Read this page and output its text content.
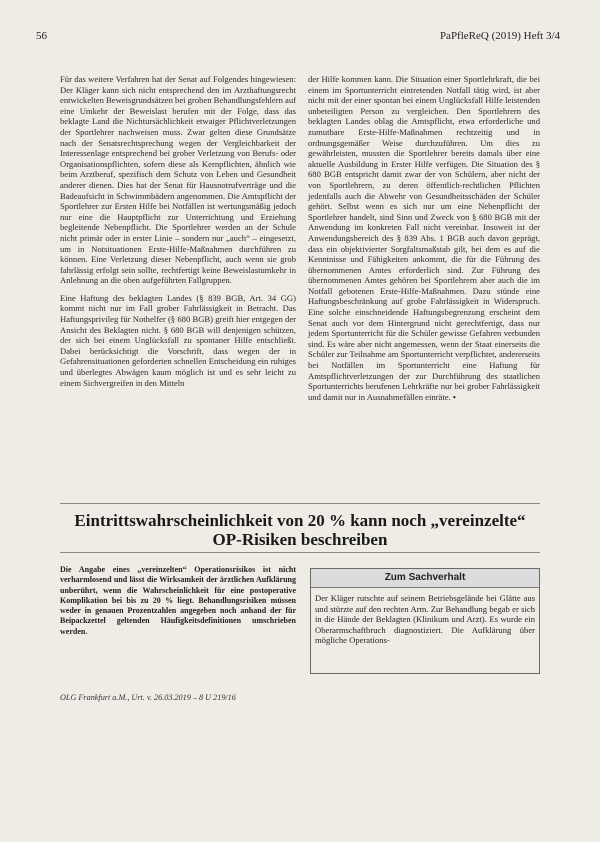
56	PaPfleReQ (2019) Heft 3/4

Für das weitere Verfahren hat der Senat auf Folgendes hingewiesen: Der Kläger kann sich nicht entsprechend den im Arzthaftungsrecht entwickelten Beweisgrundsätzen bei groben Behandlungsfehlern auf eine Umkehr der Beweislast berufen mit der Folge, dass das beklagte Land die Nichtursächlichkeit etwaiger Pflichtverletzungen der Sportlehrer nachweisen muss. Zwar gelten diese Grundsätze nach der Senatsrechtsprechung wegen der Vergleichbarkeit der Interessenlage entsprechend bei grober Verletzung von Berufs- oder Organisationspflichten, sofern diese als Kernpflichten, ähnlich wie beim Arztberuf, spezifisch dem Schutz von Leben und Gesundheit anderer dienen. Dies hat der Senat für Hausnotrufverträge und die Badeaufsicht in Schwimmbädern angenommen. Die Amtspflicht der Sportlehrer zur Ersten Hilfe bei Notfällen ist wertungsmäßig jedoch nur eine die Hauptpflicht zur Unterrichtung und Erziehung begleitende Nebenpflicht. Die Sportlehrer werden an der Schule nicht primär oder in erster Linie – sondern nur „auch“ – eingesetzt, um in Notsituationen Erste-Hilfe-Maßnahmen durchführen zu können. Eine Verletzung dieser Nebenpflicht, auch wenn sie grob fahrlässig erfolgt sein sollte, rechtfertigt keine Beweislastumkehr in Anlehnung an die oben aufgeführten Fallgruppen.

Eine Haftung des beklagten Landes (§ 839 BGB, Art. 34 GG) kommt nicht nur im Fall grober Fahrlässigkeit in Betracht. Das Haftungsprivileg für Nothelfer (§ 680 BGB) greift hier entgegen der Ansicht des Beklagten nicht. § 680 BGB will denjenigen schützen, der sich bei einem Unglücksfall zu spontaner Hilfe entschließt. Dabei berücksichtigt die Vorschrift, dass wegen der in Gefahrensituationen geforderten schnellen Entscheidung ein ruhiges und überlegtes Abwägen kaum möglich ist und es sehr leicht zu einem Sichvergreifen in den Mitteln

der Hilfe kommen kann. Die Situation einer Sportlehrkraft, die bei einem im Sportunterricht eintretenden Notfall tätig wird, ist aber nicht mit der einer spontan bei einem Unglücksfall Hilfe leistenden unbeteiligten Person zu vergleichen. Den Sportlehrern des beklagten Landes oblag die Amtspflicht, etwa erforderliche und zumutbare Erste-Hilfe-Maßnahmen rechtzeitig und in ordnungsgemäßer Weise durchzuführen. Um dies zu gewährleisten, mussten die Sportlehrer bereits damals über eine aktuelle Ausbildung in Erster Hilfe verfügen. Die Situation des § 680 BGB entspricht damit zwar der von Schülern, aber nicht der von Sportlehrern, zu deren öffentlich-rechtlichen Pflichten jedenfalls auch die Abwehr von Gesundheitsschäden der Schüler gehört. Selbst wenn es sich nur um eine Nebenpflicht der Sportlehrer handelt, sind Sinn und Zweck von § 680 BGB mit der Anwendung im konkreten Fall nicht vereinbar. Insoweit ist der Anwendungsbereich des § 839 Abs. 1 BGB auch davon geprägt, dass ein objektivierter Sorgfaltsmaßstab gilt, bei dem es auf die Kenntnisse und Fähigkeiten ankommt, die für die Führung des übernommenen Amtes erforderlich sind. Zur Führung des übernommenen Amtes gehören bei Sportlehrern aber auch die im Notfall gebotenen Erste-Hilfe-Maßnahmen. Dazu stünde eine Haftungsbeschränkung auf grobe Fahrlässigkeit in Widerspruch. Eine solche einschneidende Haftungsbegrenzung erscheint dem Senat auch vor dem Hintergrund nicht gerechtfertigt, dass nur jedem Sportunterricht für die Schüler gewisse Gefahren verbunden sind. Es wäre aber nicht angemessen, wenn der Staat einerseits die Schüler zur Teilnahme am Sportunterricht verpflichtet, andererseits bei Notfällen im Sportunterricht eine Haftung für Amtspflichtverletzungen der zur Durchführung des staatlichen Sportunterrichts berufenen Lehrkräfte nur bei grober Fahrlässigkeit und damit nur in Ausnahmefällen einräte. •

Eintrittswahrscheinlichkeit von 20 % kann noch „vereinzelte“
OP-Risiken beschreiben
Die Angabe eines „vereinzelten“ Operationsrisikos ist nicht verharmlosend und lässt die Wirksamkeit der ärztlichen Aufklärung unberührt, wenn die Wahrscheinlichkeit für eine postoperative Komplikation bei bis zu 20 % liegt. Behandlungsrisiken müssen weder in genauen Prozentzahlen angegeben noch anhand der für Beipackzettel geltenden Häufigkeitsdefinitionen umschrieben werden.
OLG Frankfurt a.M., Urt. v. 26.03.2019 – 8 U 219/16
Zum Sachverhalt
Der Kläger rutschte auf seinem Betriebsgelände bei Glätte aus und stürzte auf den rechten Arm. Zur Behandlung begab er sich in die Hände der Beklagten (Klinikum und Arzt). Es wurde ein Oberarmschaftbruch diagnostiziert. Die Aufklärung über mögliche Operations-
